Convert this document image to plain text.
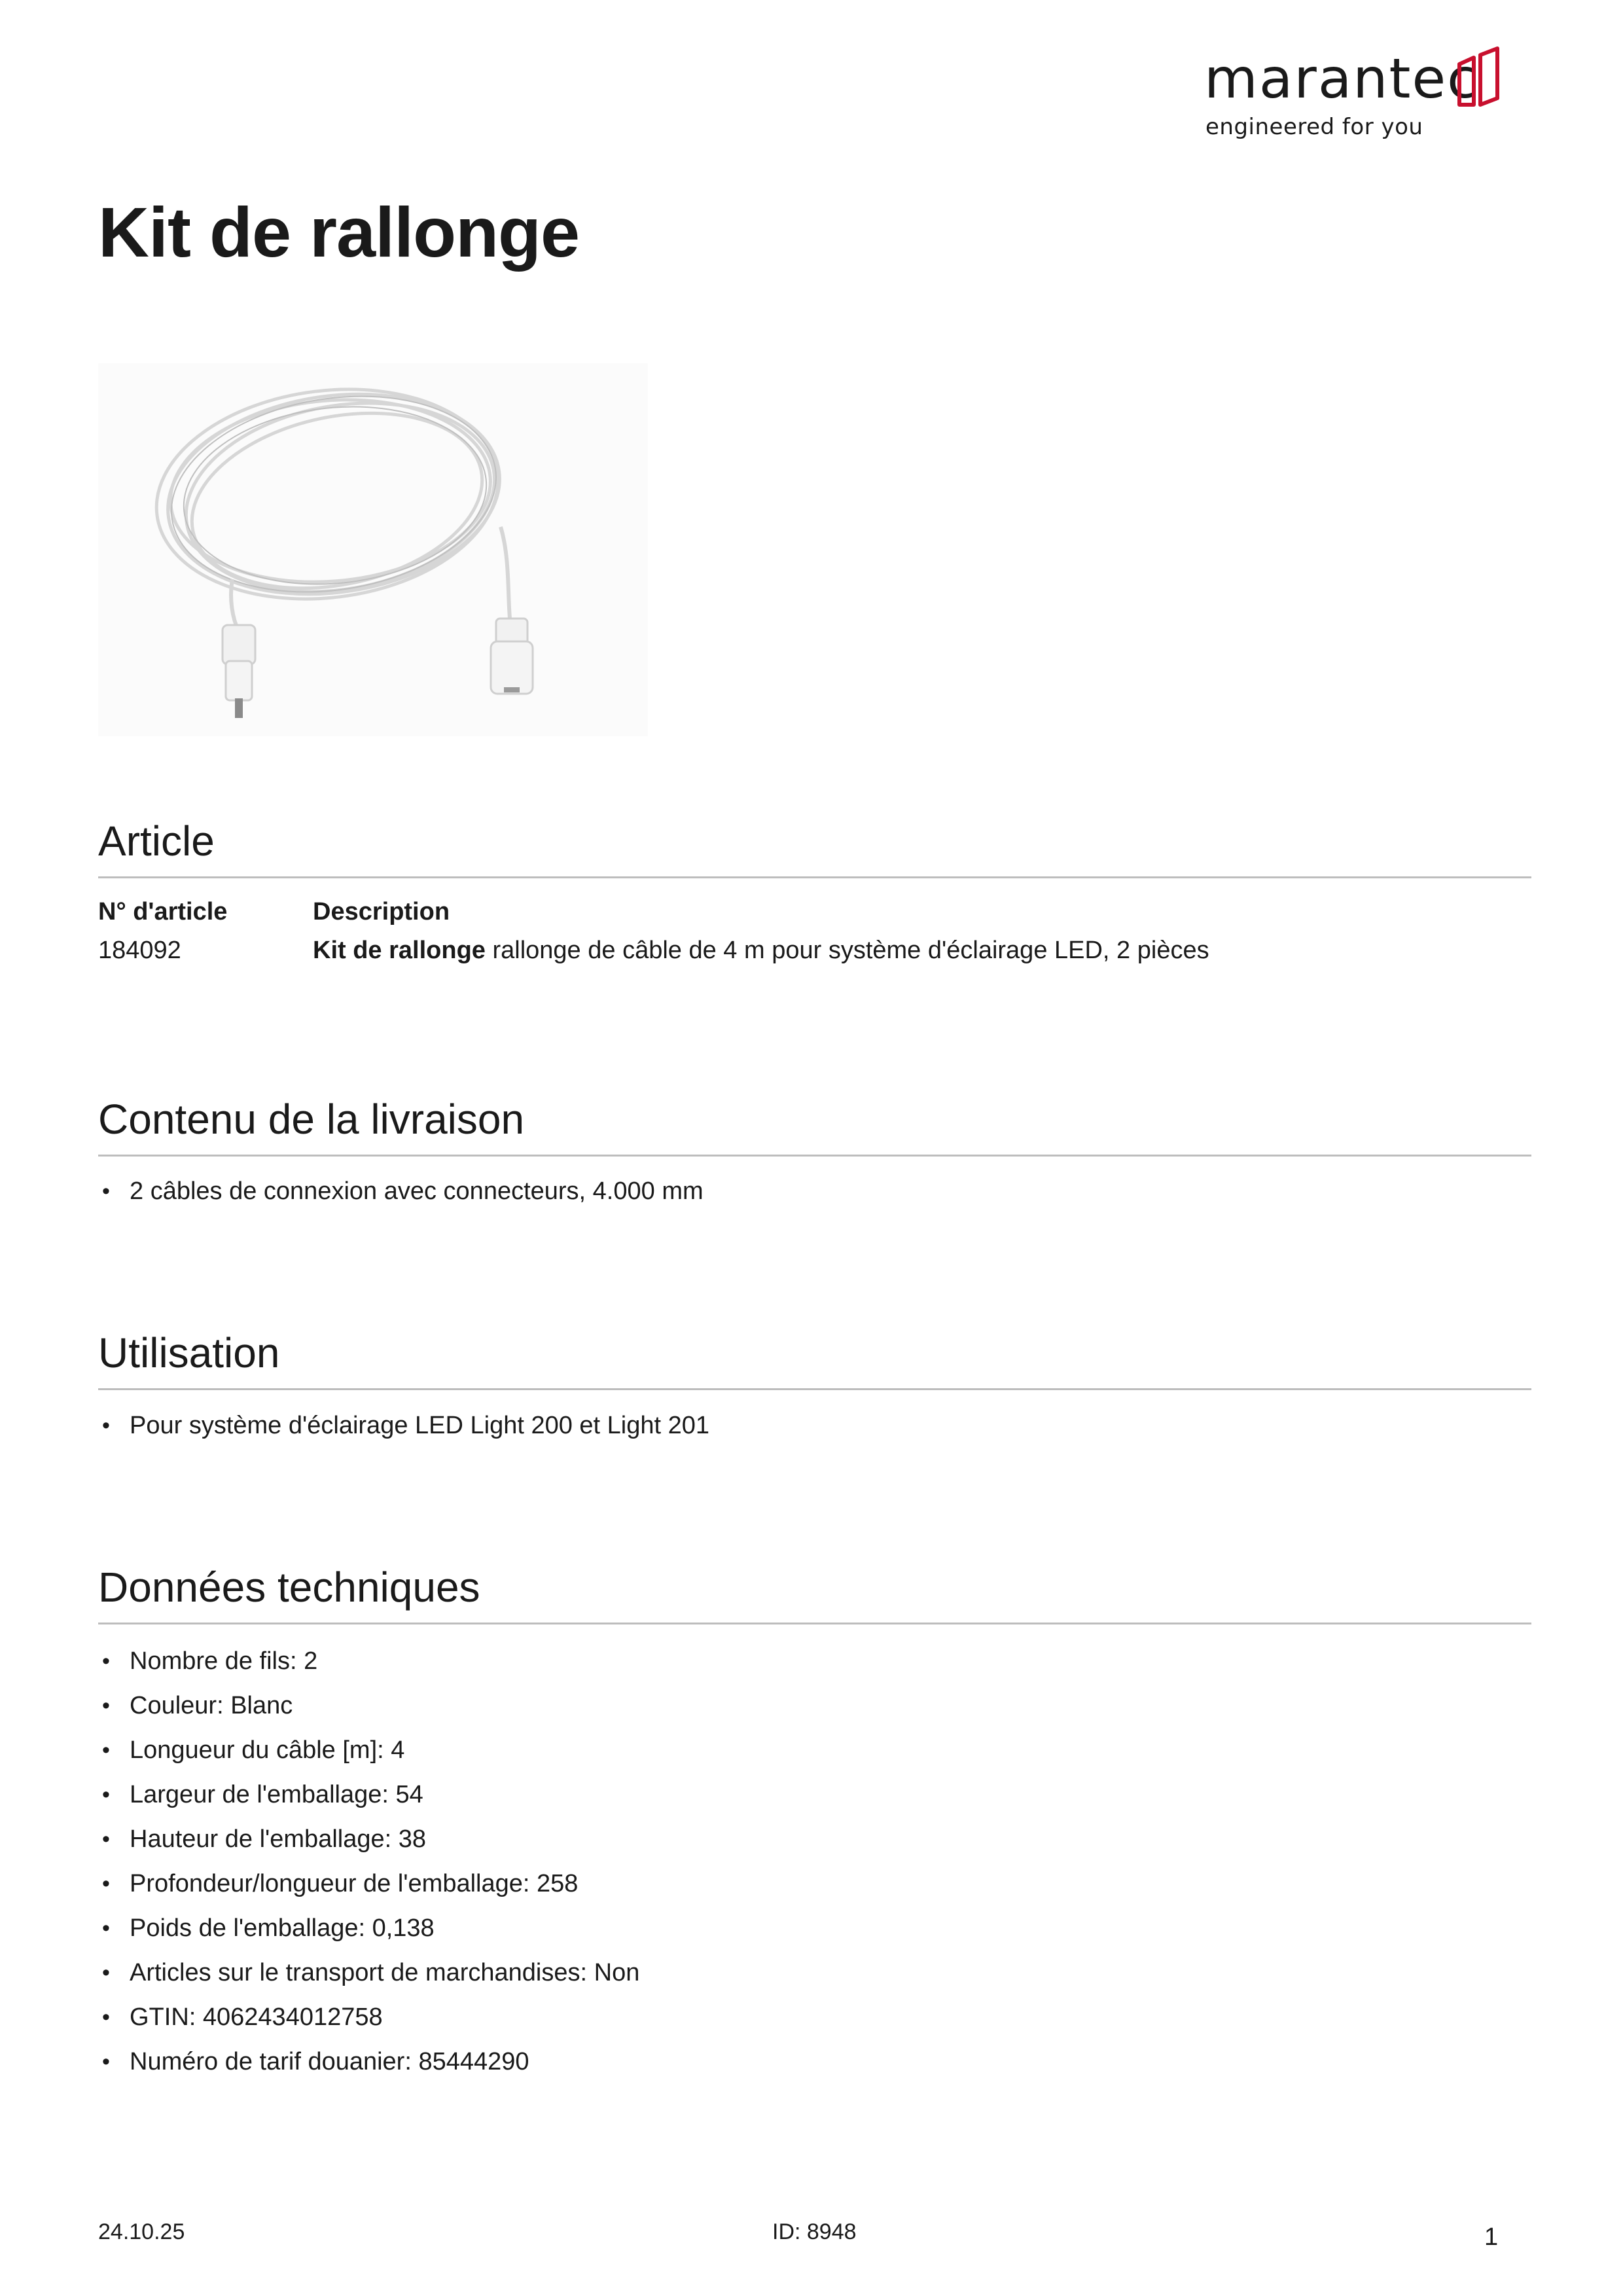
marantec
engineered for you
Kit de rallonge
Article
N° d'article	Description
184092	Kit de rallonge rallonge de câble de 4 m pour système d'éclairage LED, 2 pièces
Contenu de la livraison
• 2 câbles de connexion avec connecteurs, 4.000 mm
Utilisation
• Pour système d'éclairage LED Light 200 et Light 201
Données techniques
• Nombre de fils: 2
• Couleur: Blanc
• Longueur du câble [m]: 4
• Largeur de l'emballage: 54
• Hauteur de l'emballage: 38
• Profondeur/longueur de l'emballage: 258
• Poids de l'emballage: 0,138
• Articles sur le transport de marchandises: Non
• GTIN: 4062434012758
• Numéro de tarif douanier: 85444290
24.10.25	ID: 8948	1
